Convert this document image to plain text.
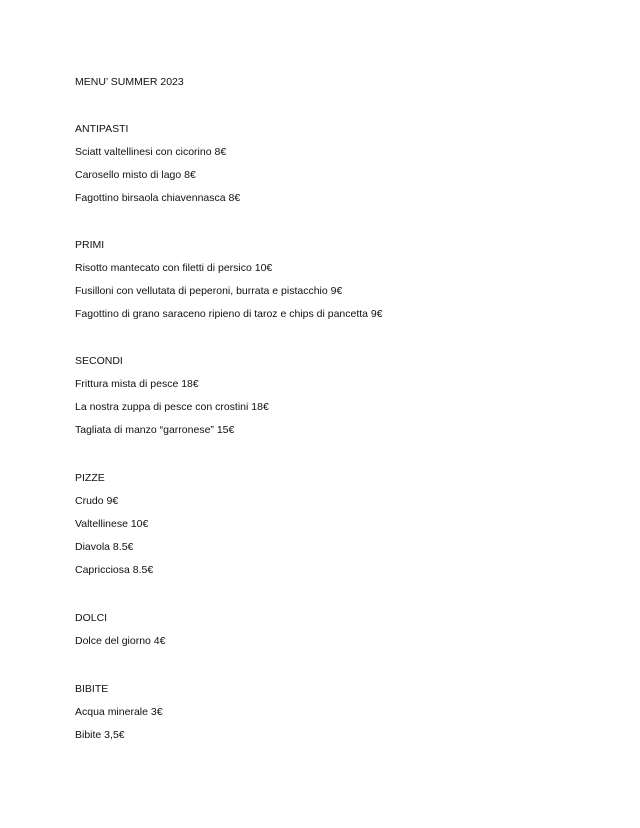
MENU’ SUMMER 2023
ANTIPASTI
Sciatt valtellinesi con cicorino 8€
Carosello misto di lago 8€
Fagottino birsaola chiavennasca 8€
PRIMI
Risotto mantecato con filetti di persico 10€
Fusilloni con vellutata di peperoni, burrata e pistacchio 9€
Fagottino di grano saraceno ripieno di taroz e chips di pancetta 9€
SECONDI
Frittura mista di pesce 18€
La nostra zuppa di pesce con crostini 18€
Tagliata di manzo “garronese” 15€
PIZZE
Crudo 9€
Valtellinese 10€
Diavola 8.5€
Capricciosa 8.5€
DOLCI
Dolce del giorno 4€
BIBITE
Acqua minerale 3€
Bibite 3,5€
